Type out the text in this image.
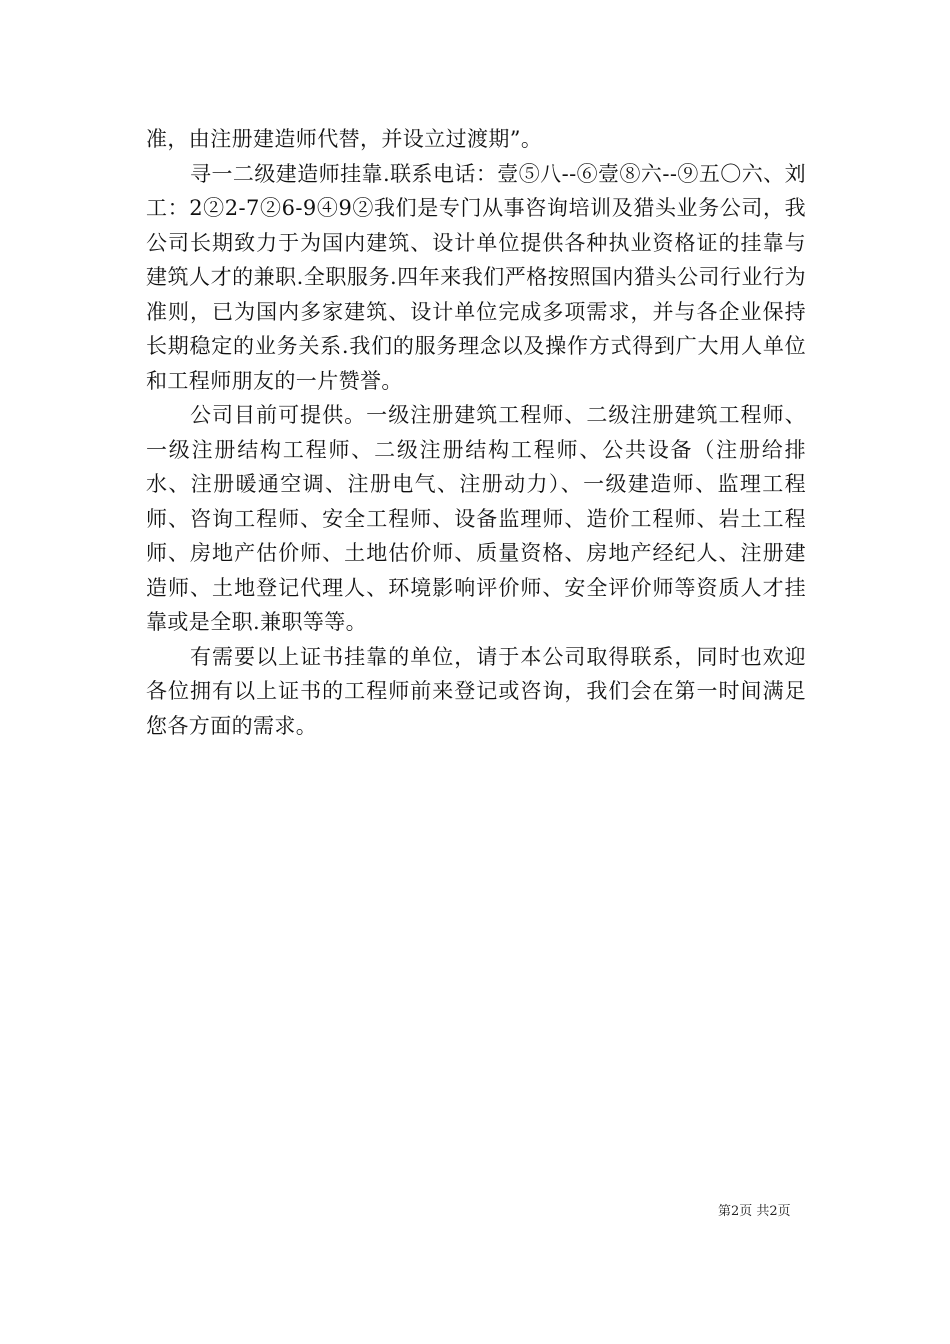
准，由注册建造师代替，并设立过渡期”。

寻一二级建造师挂靠.联系电话：壹⑤八--⑥壹⑧六--⑨五〇六、刘工：2②2-7②6-9④9②我们是专门从事咨询培训及猎头业务公司，我公司长期致力于为国内建筑、设计单位提供各种执业资格证的挂靠与建筑人才的兼职.全职服务.四年来我们严格按照国内猎头公司行业行为准则，已为国内多家建筑、设计单位完成多项需求，并与各企业保持长期稳定的业务关系.我们的服务理念以及操作方式得到广大用人单位和工程师朋友的一片赞誉。

公司目前可提供。一级注册建筑工程师、二级注册建筑工程师、一级注册结构工程师、二级注册结构工程师、公共设备（注册给排水、注册暖通空调、注册电气、注册动力）、一级建造师、监理工程师、咨询工程师、安全工程师、设备监理师、造价工程师、岩土工程师、房地产估价师、土地估价师、质量资格、房地产经纪人、注册建造师、土地登记代理人、环境影响评价师、安全评价师等资质人才挂靠或是全职.兼职等等。

有需要以上证书挂靠的单位，请于本公司取得联系，同时也欢迎各位拥有以上证书的工程师前来登记或咨询，我们会在第一时间满足您各方面的需求。

第2页 共2页
